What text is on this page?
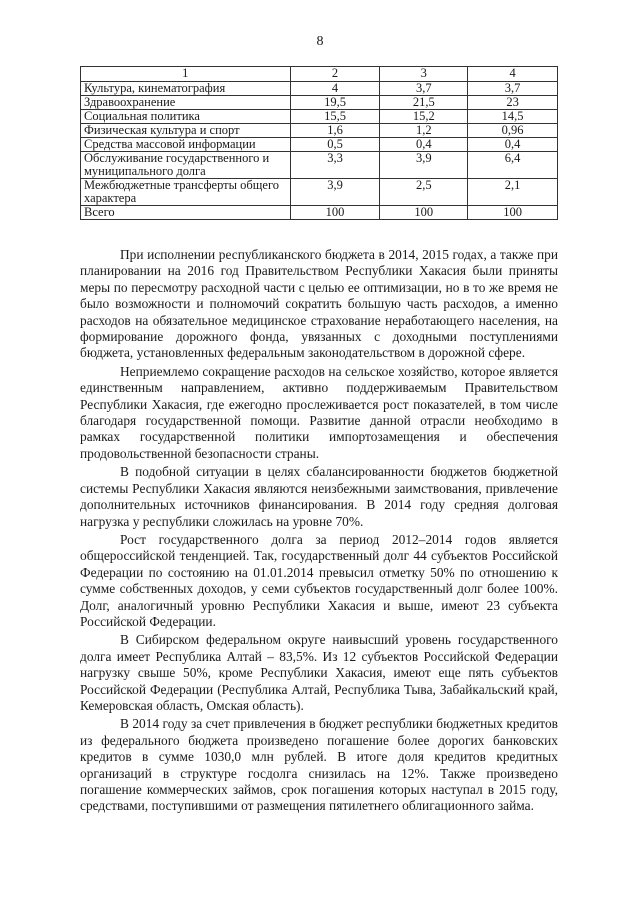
8
1	2	3	4
Культура, кинематография	4	3,7	3,7
Здравоохранение	19,5	21,5	23
Социальная политика	15,5	15,2	14,5
Физическая культура и спорт	1,6	1,2	0,96
Средства массовой информации	0,5	0,4	0,4
Обслуживание государственного и муниципального долга	3,3	3,9	6,4
Межбюджетные трансферты общего характера	3,9	2,5	2,1
Всего	100	100	100

При исполнении республиканского бюджета в 2014, 2015 годах, а также при планировании на 2016 год Правительством Республики Хакасия были приняты меры по пересмотру расходной части с целью ее оптимизации, но в то же время не было возможности и полномочий сократить большую часть расходов, а именно расходов на обязательное медицинское страхование неработающего населения, на формирование дорожного фонда, увязанных с доходными поступлениями бюджета, установленных федеральным законодательством в дорожной сфере.

Неприемлемо сокращение расходов на сельское хозяйство, которое является единственным направлением, активно поддерживаемым Правительством Республики Хакасия, где ежегодно прослеживается рост показателей, в том числе благодаря государственной помощи. Развитие данной отрасли необходимо в рамках государственной политики импортозамещения и обеспечения продовольственной безопасности страны.

В подобной ситуации в целях сбалансированности бюджетов бюджетной системы Республики Хакасия являются неизбежными заимствования, привлечение дополнительных источников финансирования. В 2014 году средняя долговая нагрузка у республики сложилась на уровне 70%.

Рост государственного долга за период 2012–2014 годов является общероссийской тенденцией. Так, государственный долг 44 субъектов Российской Федерации по состоянию на 01.01.2014 превысил отметку 50% по отношению к сумме собственных доходов, у семи субъектов государственный долг более 100%. Долг, аналогичный уровню Республики Хакасия и выше, имеют 23 субъекта Российской Федерации.

В Сибирском федеральном округе наивысший уровень государственного долга имеет Республика Алтай – 83,5%. Из 12 субъектов Российской Федерации нагрузку свыше 50%, кроме Республики Хакасия, имеют еще пять субъектов Российской Федерации (Республика Алтай, Республика Тыва, Забайкальский край, Кемеровская область, Омская область).

В 2014 году за счет привлечения в бюджет республики бюджетных кредитов из федерального бюджета произведено погашение более дорогих банковских кредитов в сумме 1030,0 млн рублей. В итоге доля кредитов кредитных организаций в структуре госдолга снизилась на 12%. Также произведено погашение коммерческих займов, срок погашения которых наступал в 2015 году, средствами, поступившими от размещения пятилетнего облигационного займа.
